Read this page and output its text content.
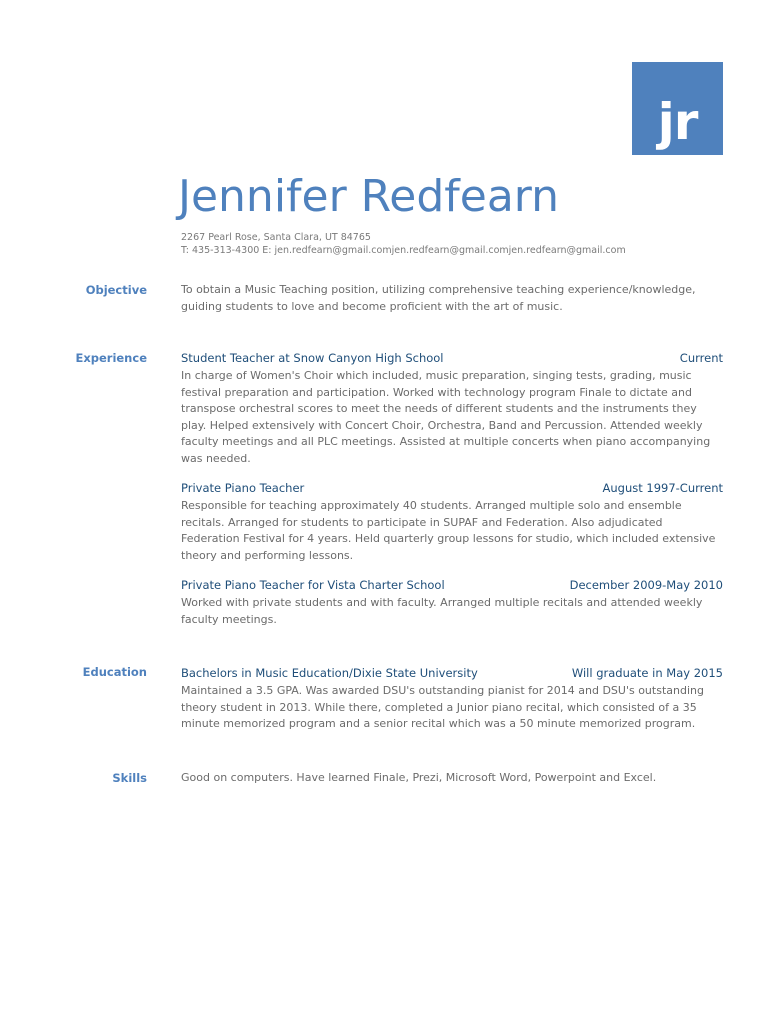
jr
Jennifer Redfearn
2267 Pearl Rose, Santa Clara, UT 84765
T: 435-313-4300 E: jen.redfearn@gmail.comjen.redfearn@gmail.comjen.redfearn@gmail.com
Objective	To obtain a Music Teaching position, utilizing comprehensive teaching experience/knowledge, guiding students to love and become proficient with the art of music.
Experience	Student Teacher at Snow Canyon High School	Current
In charge of Women's Choir which included, music preparation, singing tests, grading, music festival preparation and participation. Worked with technology program Finale to dictate and transpose orchestral scores to meet the needs of different students and the instruments they play. Helped extensively with Concert Choir, Orchestra, Band and Percussion. Attended weekly faculty meetings and all PLC meetings. Assisted at multiple concerts when piano accompanying was needed.
Private Piano Teacher	August 1997-Current
Responsible for teaching approximately 40 students. Arranged multiple solo and ensemble recitals. Arranged for students to participate in SUPAF and Federation. Also adjudicated Federation Festival for 4 years. Held quarterly group lessons for studio, which included extensive theory and performing lessons.
Private Piano Teacher for Vista Charter School	December 2009-May 2010
Worked with private students and with faculty. Arranged multiple recitals and attended weekly faculty meetings.
Education	Bachelors in Music Education/Dixie State University	Will graduate in May 2015
Maintained a 3.5 GPA. Was awarded DSU's outstanding pianist for 2014 and DSU's outstanding theory student in 2013. While there, completed a Junior piano recital, which consisted of a 35 minute memorized program and a senior recital which was a 50 minute memorized program.
Skills	Good on computers. Have learned Finale, Prezi, Microsoft Word, Powerpoint and Excel.
